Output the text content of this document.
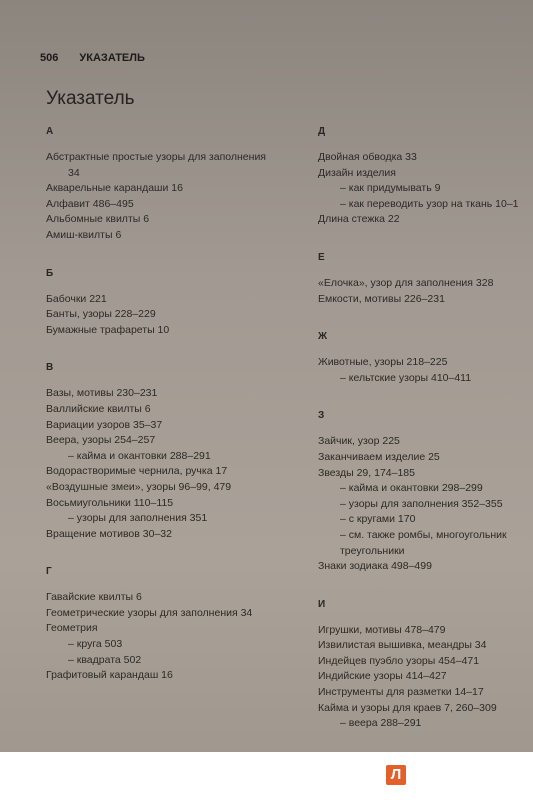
506 УКАЗАТЕЛЬ
Указатель
А
Абстрактные простые узоры для заполнения
34
Акварельные карандаши 16
Алфавит 486–495
Альбомные квилты 6
Амиш-квилты 6
Б
Бабочки 221
Банты, узоры 228–229
Бумажные трафареты 10
В
Вазы, мотивы 230–231
Валлийские квилты 6
Вариации узоров 35–37
Веера, узоры 254–257
– кайма и окантовки 288–291
Водорастворимые чернила, ручка 17
«Воздушные змеи», узоры 96–99, 479
Восьмиугольники 110–115
– узоры для заполнения 351
Вращение мотивов 30–32
Г
Гавайские квилты 6
Геометрические узоры для заполнения 34
Геометрия
– круга 503
– квадрата 502
Графитовый карандаш 16
Д
Двойная обводка 33
Дизайн изделия
– как придумывать 9
– как переводить узор на ткань 10–1
Длина стежка 22
Е
«Елочка», узор для заполнения 328
Емкости, мотивы 226–231
Ж
Животные, узоры 218–225
– кельтские узоры 410–411
З
Зайчик, узор 225
Заканчиваем изделие 25
Звезды 29, 174–185
– кайма и окантовки 298–299
– узоры для заполнения 352–355
– с кругами 170
– см. также ромбы, многоугольник
треугольники
Знаки зодиака 498–499
И
Игрушки, мотивы 478–479
Извилистая вышивка, меандры 34
Индейцев пуэбло узоры 454–471
Индийские узоры 414–427
Инструменты для разметки 14–17
Кайма и узоры для краев 7, 260–309
– веера 288–291
Л
